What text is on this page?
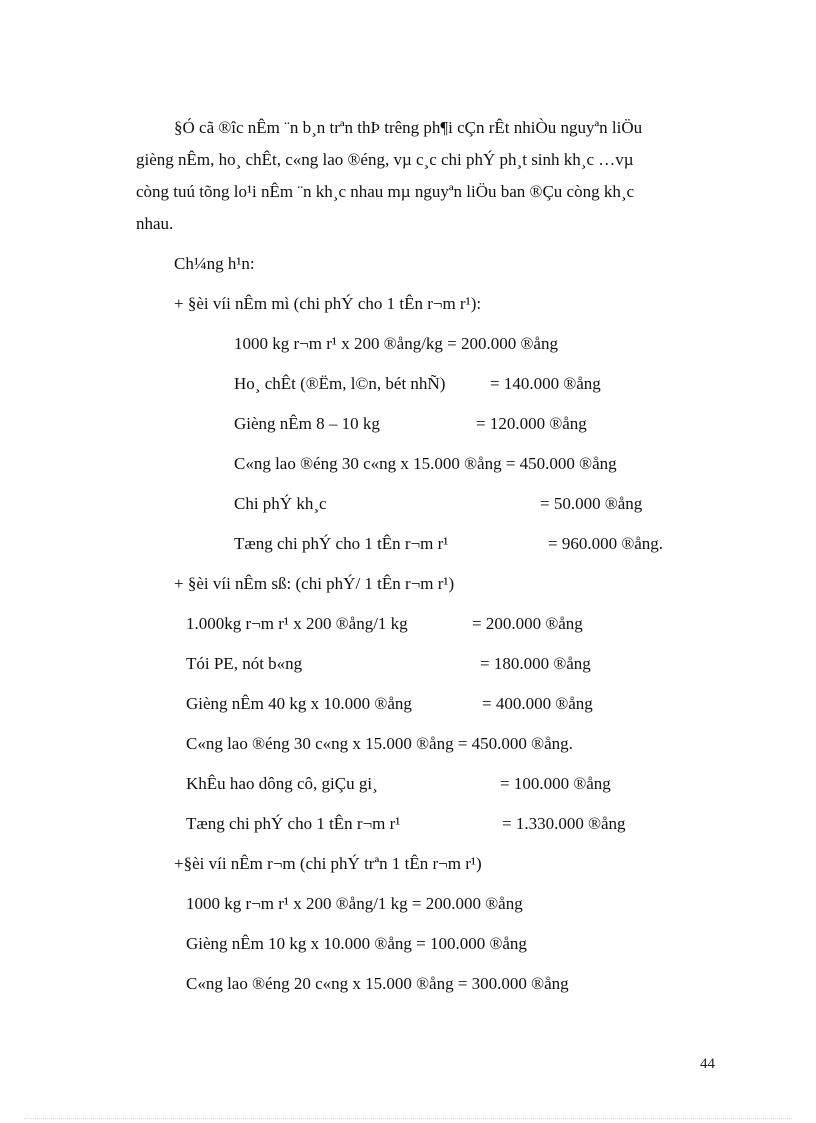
§Ó cã ®îc nÊm ¨n b¸n trªn thÞ trêng ph¶i cÇn rÊt nhiÒu nguyªn liÖu
gièng nÊm, ho¸ chÊt, c«ng lao ®éng, vµ c¸c chi phÝ ph¸t sinh kh¸c …vµ
còng tuú tõng lo¹i nÊm ¨n kh¸c nhau mµ nguyªn liÖu ban ®Çu còng kh¸c
nhau.
Ch¼ng h¹n:
+ §èi víi nÊm mì (chi phÝ cho 1 tÊn r¬m r¹):
1000 kg r¬m r¹ x 200 ®ång/kg = 200.000 ®ång
Ho¸ chÊt (®Ëm, l©n, bét nhÑ)	= 140.000 ®ång
Gièng nÊm 8 – 10 kg	= 120.000 ®ång
C«ng lao ®éng 30 c«ng x 15.000 ®ång = 450.000 ®ång
Chi phÝ kh¸c	= 50.000 ®ång
Tæng chi phÝ cho 1 tÊn r¬m r¹	= 960.000 ®ång.
+ §èi víi nÊm sß: (chi phÝ/ 1 tÊn r¬m r¹)
1.000kg r¬m r¹ x 200 ®ång/1 kg	= 200.000 ®ång
Tói PE, nót b«ng	= 180.000 ®ång
Gièng nÊm 40 kg x 10.000 ®ång	= 400.000 ®ång
C«ng lao ®éng 30 c«ng x 15.000 ®ång = 450.000 ®ång.
KhÊu hao dông cô, giÇu gi¸	= 100.000 ®ång
Tæng chi phÝ cho 1 tÊn r¬m r¹	= 1.330.000 ®ång
+§èi víi nÊm r¬m (chi phÝ trªn 1 tÊn r¬m r¹)
1000 kg r¬m r¹ x 200 ®ång/1 kg = 200.000 ®ång
Gièng nÊm 10 kg x 10.000 ®ång = 100.000 ®ång
C«ng lao ®éng 20 c«ng x 15.000 ®ång = 300.000 ®ång
44
